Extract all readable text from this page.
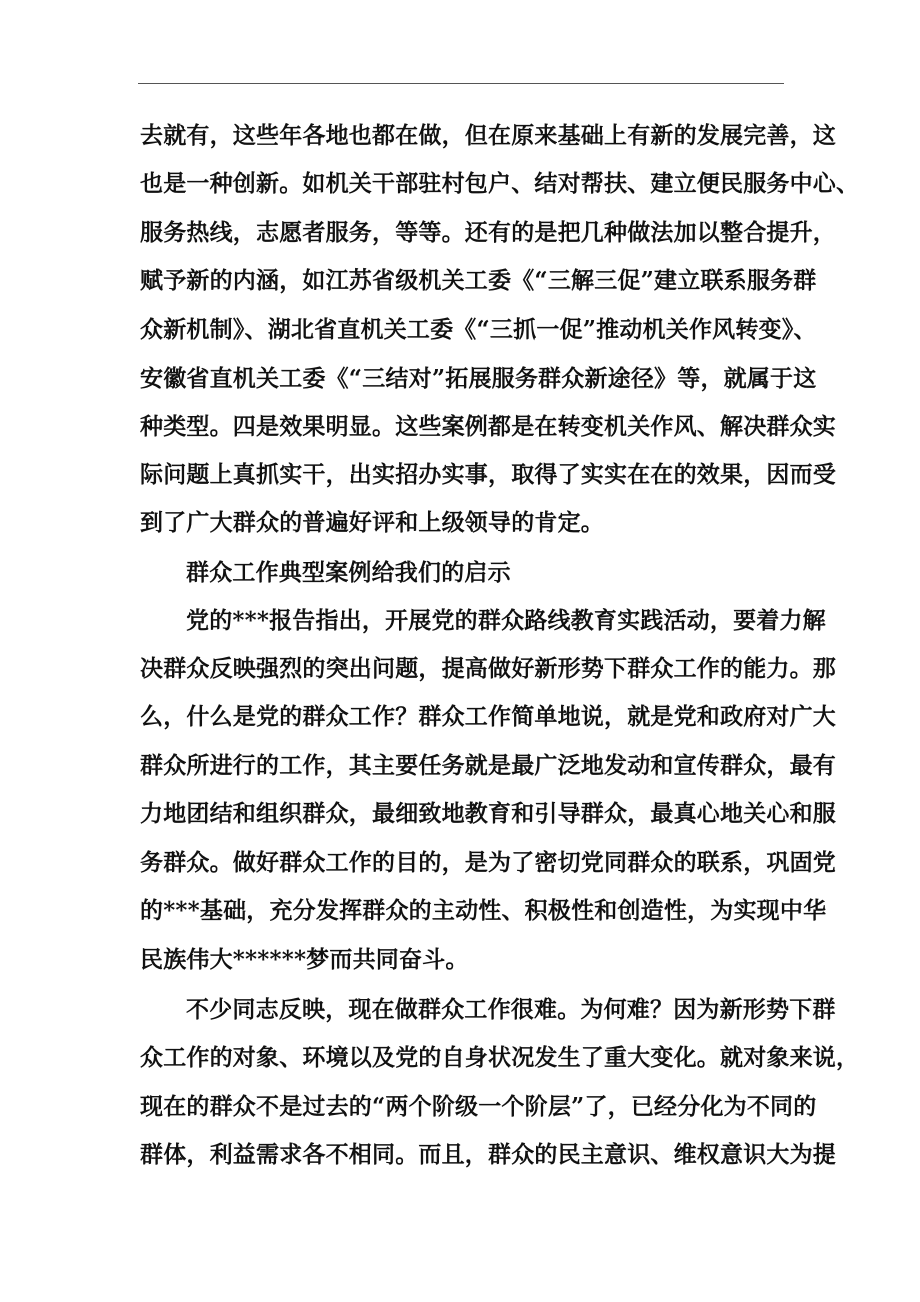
去就有，这些年各地也都在做，但在原来基础上有新的发展完善，这
也是一种创新。如机关干部驻村包户、结对帮扶、建立便民服务中心、
服务热线，志愿者服务，等等。还有的是把几种做法加以整合提升，
赋予新的内涵，如江苏省级机关工委《“三解三促”建立联系服务群
众新机制》、湖北省直机关工委《“三抓一促”推动机关作风转变》、
安徽省直机关工委《“三结对”拓展服务群众新途径》等，就属于这
种类型。四是效果明显。这些案例都是在转变机关作风、解决群众实
际问题上真抓实干，出实招办实事，取得了实实在在的效果，因而受
到了广大群众的普遍好评和上级领导的肯定。
群众工作典型案例给我们的启示
党的***报告指出，开展党的群众路线教育实践活动，要着力解
决群众反映强烈的突出问题，提高做好新形势下群众工作的能力。那
么，什么是党的群众工作？群众工作简单地说，就是党和政府对广大
群众所进行的工作，其主要任务就是最广泛地发动和宣传群众，最有
力地团结和组织群众，最细致地教育和引导群众，最真心地关心和服
务群众。做好群众工作的目的，是为了密切党同群众的联系，巩固党
的***基础，充分发挥群众的主动性、积极性和创造性，为实现中华
民族伟大******梦而共同奋斗。
不少同志反映，现在做群众工作很难。为何难？因为新形势下群
众工作的对象、环境以及党的自身状况发生了重大变化。就对象来说，
现在的群众不是过去的“两个阶级一个阶层”了，已经分化为不同的
群体，利益需求各不相同。而且，群众的民主意识、维权意识大为提
